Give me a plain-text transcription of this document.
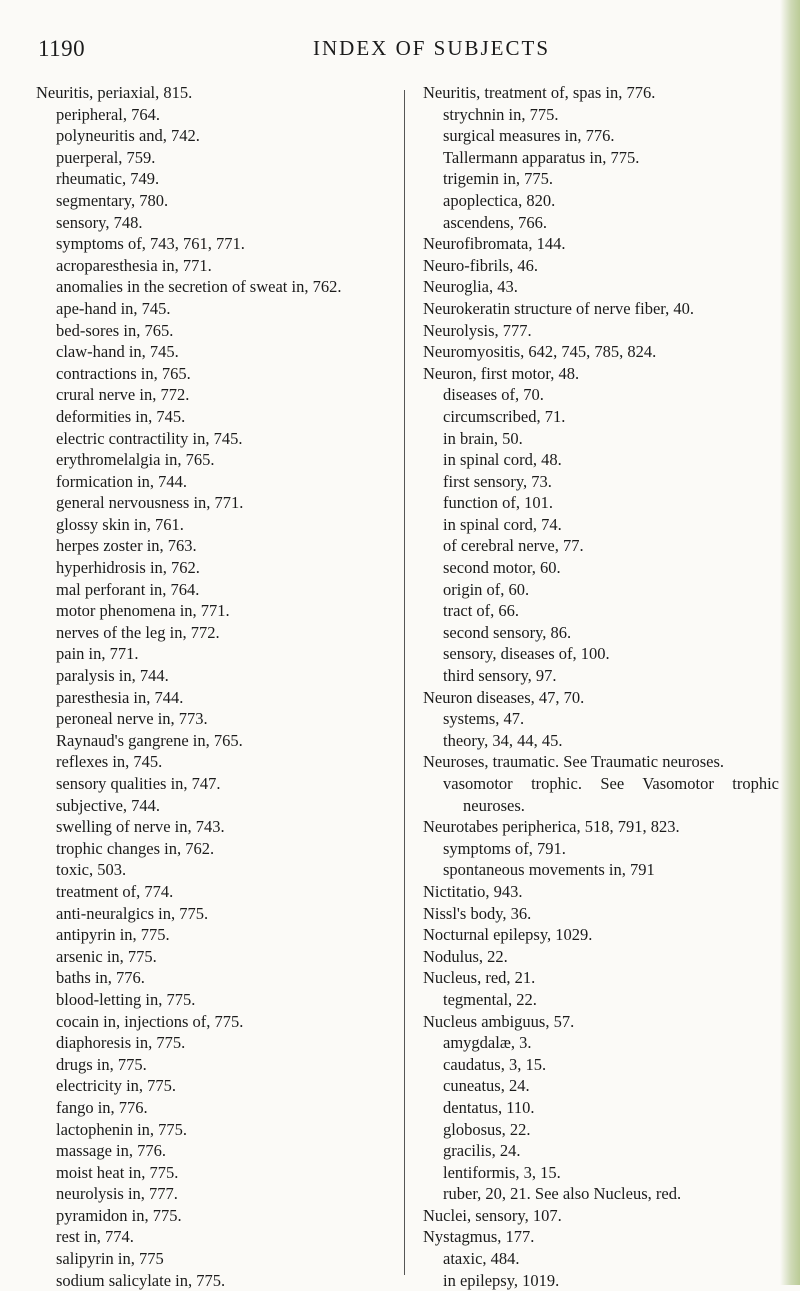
1190	INDEX OF SUBJECTS
Neuritis, periaxial, 815.
peripheral, 764.
polyneuritis and, 742.
puerperal, 759.
rheumatic, 749.
segmentary, 780.
sensory, 748.
symptoms of, 743, 761, 771.
acroparesthesia in, 771.
anomalies in the secretion of sweat in, 762.
ape-hand in, 745.
bed-sores in, 765.
claw-hand in, 745.
contractions in, 765.
crural nerve in, 772.
deformities in, 745.
electric contractility in, 745.
erythromelalgia in, 765.
formication in, 744.
general nervousness in, 771.
glossy skin in, 761.
herpes zoster in, 763.
hyperhidrosis in, 762.
mal perforant in, 764.
motor phenomena in, 771.
nerves of the leg in, 772.
pain in, 771.
paralysis in, 744.
paresthesia in, 744.
peroneal nerve in, 773.
Raynaud's gangrene in, 765.
reflexes in, 745.
sensory qualities in, 747.
subjective, 744.
swelling of nerve in, 743.
trophic changes in, 762.
toxic, 503.
treatment of, 774.
anti-neuralgics in, 775.
antipyrin in, 775.
arsenic in, 775.
baths in, 776.
blood-letting in, 775.
cocain in, injections of, 775.
diaphoresis in, 775.
drugs in, 775.
electricity in, 775.
fango in, 776.
lactophenin in, 775.
massage in, 776.
moist heat in, 775.
neurolysis in, 777.
pyramidon in, 775.
rest in, 774.
salipyrin in, 775
sodium salicylate in, 775.
Neuritis, treatment of, spas in, 776.
strychnin in, 775.
surgical measures in, 776.
Tallermann apparatus in, 775.
trigemin in, 775.
apoplectica, 820.
ascendens, 766.
Neurofibromata, 144.
Neuro-fibrils, 46.
Neuroglia, 43.
Neurokeratin structure of nerve fiber, 40.
Neurolysis, 777.
Neuromyositis, 642, 745, 785, 824.
Neuron, first motor, 48.
diseases of, 70.
circumscribed, 71.
in brain, 50.
in spinal cord, 48.
first sensory, 73.
function of, 101.
in spinal cord, 74.
of cerebral nerve, 77.
second motor, 60.
origin of, 60.
tract of, 66.
second sensory, 86.
sensory, diseases of, 100.
third sensory, 97.
Neuron diseases, 47, 70.
systems, 47.
theory, 34, 44, 45.
Neuroses, traumatic. See Traumatic neuroses.
vasomotor trophic. See Vasomotor trophic neuroses.
Neurotabes peripherica, 518, 791, 823.
symptoms of, 791.
spontaneous movements in, 791
Nictitatio, 943.
Nissl's body, 36.
Nocturnal epilepsy, 1029.
Nodulus, 22.
Nucleus, red, 21.
tegmental, 22.
Nucleus ambiguus, 57.
amygdalæ, 3.
caudatus, 3, 15.
cuneatus, 24.
dentatus, 110.
globosus, 22.
gracilis, 24.
lentiformis, 3, 15.
ruber, 20, 21. See also Nucleus, red.
Nuclei, sensory, 107.
Nystagmus, 177.
ataxic, 484.
in epilepsy, 1019.
